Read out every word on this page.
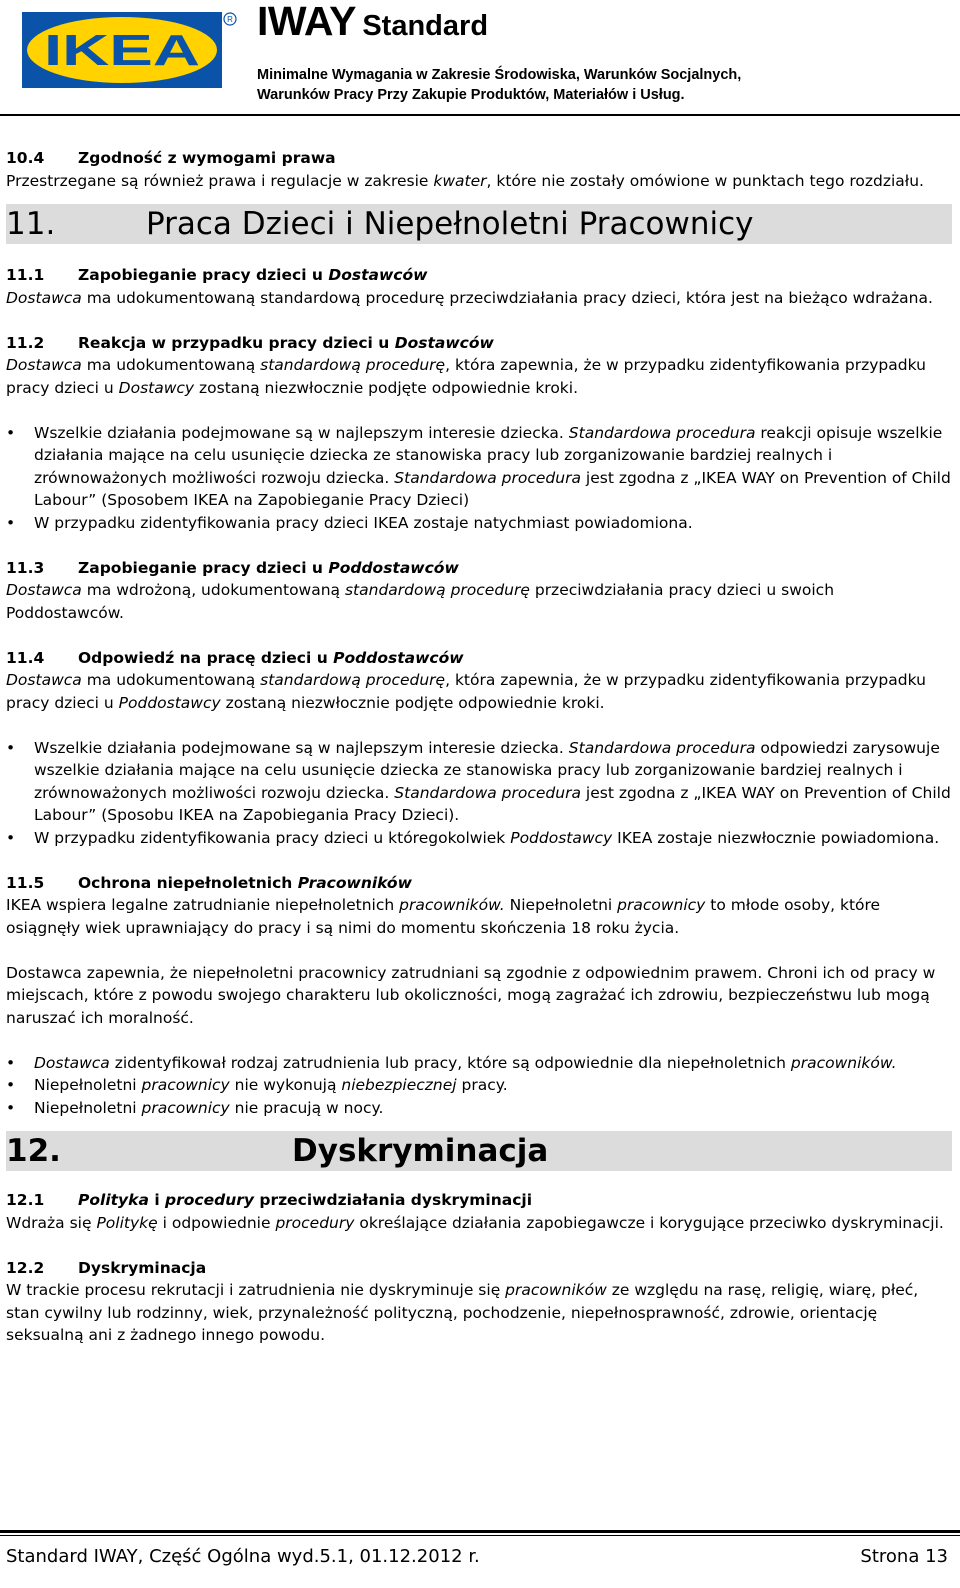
IKEA
R IWAY Standard
Minimalne Wymagania w Zakresie Środowiska, Warunków Socjalnych,
Warunków Pracy Przy Zakupie Produktów, Materiałów i Usług.
10.4 Zgodność z wymogami prawa

Przestrzegane są również prawa i regulacje w zakresie kwater, które nie zostały omówione w punktach tego rozdziału.

11.	Praca Dzieci i Niepełnoletni Pracownicy
11.1 Zapobieganie pracy dzieci u Dostawców

Dostawca ma udokumentowaną standardową procedurę przeciwdziałania pracy dzieci, która jest na bieżąco wdrażana.

11.2 Reakcja w przypadku pracy dzieci u Dostawców

Dostawca ma udokumentowaną standardową procedurę, która zapewnia, że w przypadku zidentyfikowania przypadku pracy dzieci u Dostawcy zostaną niezwłocznie podjęte odpowiednie kroki.

• Wszelkie działania podejmowane są w najlepszym interesie dziecka. Standardowa procedura reakcji opisuje wszelkie działania mające na celu usunięcie dziecka ze stanowiska pracy lub zorganizowanie bardziej realnych i zrównoważonych możliwości rozwoju dziecka. Standardowa procedura jest zgodna z „IKEA WAY on Prevention of Child Labour” (Sposobem IKEA na Zapobieganie Pracy Dzieci)
• W przypadku zidentyfikowania pracy dzieci IKEA zostaje natychmiast powiadomiona.
11.3 Zapobieganie pracy dzieci u Poddostawców

Dostawca ma wdrożoną, udokumentowaną standardową procedurę przeciwdziałania pracy dzieci u swoich Poddostawców.

11.4 Odpowiedź na pracę dzieci u Poddostawców

Dostawca ma udokumentowaną standardową procedurę, która zapewnia, że w przypadku zidentyfikowania przypadku pracy dzieci u Poddostawcy zostaną niezwłocznie podjęte odpowiednie kroki.

• Wszelkie działania podejmowane są w najlepszym interesie dziecka. Standardowa procedura odpowiedzi zarysowuje wszelkie działania mające na celu usunięcie dziecka ze stanowiska pracy lub zorganizowanie bardziej realnych i zrównoważonych możliwości rozwoju dziecka. Standardowa procedura jest zgodna z „IKEA WAY on Prevention of Child Labour” (Sposobu IKEA na Zapobiegania Pracy Dzieci).
• W przypadku zidentyfikowania pracy dzieci u któregokolwiek Poddostawcy IKEA zostaje niezwłocznie powiadomiona.
11.5 Ochrona niepełnoletnich Pracowników

IKEA wspiera legalne zatrudnianie niepełnoletnich pracowników. Niepełnoletni pracownicy to młode osoby, które osiągnęły wiek uprawniający do pracy i są nimi do momentu skończenia 18 roku życia.

Dostawca zapewnia, że niepełnoletni pracownicy zatrudniani są zgodnie z odpowiednim prawem. Chroni ich od pracy w miejscach, które z powodu swojego charakteru lub okoliczności, mogą zagrażać ich zdrowiu, bezpieczeństwu lub mogą naruszać ich moralność.

• Dostawca zidentyfikował rodzaj zatrudnienia lub pracy, które są odpowiednie dla niepełnoletnich pracowników.
• Niepełnoletni pracownicy nie wykonują niebezpiecznej pracy.
• Niepełnoletni pracownicy nie pracują w nocy.
12.	Dyskryminacja
12.1 Polityka i procedury przeciwdziałania dyskryminacji

Wdraża się Politykę i odpowiednie procedury określające działania zapobiegawcze i korygujące przeciwko dyskryminacji.

12.2 Dyskryminacja

W trackie procesu rekrutacji i zatrudnienia nie dyskryminuje się pracowników ze względu na rasę, religię, wiarę, płeć, stan cywilny lub rodzinny, wiek, przynależność polityczną, pochodzenie, niepełnosprawność, zdrowie, orientację seksualną ani z żadnego innego powodu.

Standard IWAY, Część Ogólna wyd.5.1, 01.12.2012 r.	Strona 13
